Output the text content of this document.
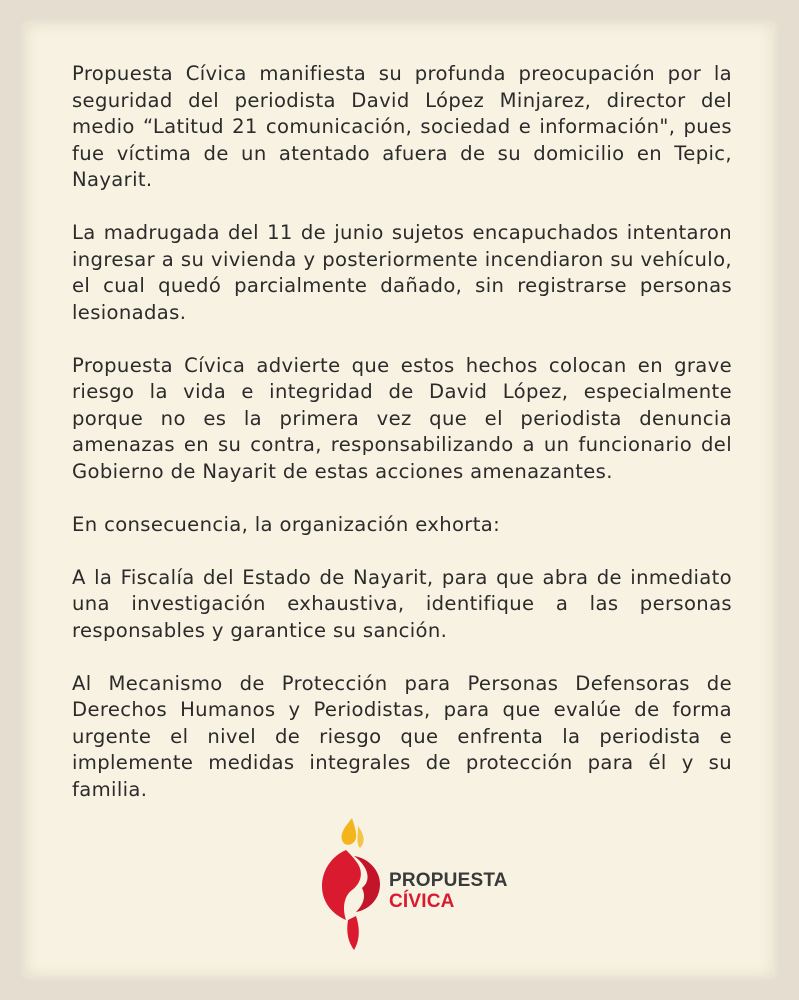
Propuesta Cívica manifiesta su profunda preocupación por la seguridad del periodista David López Minjarez, director del medio “Latitud 21 comunicación, sociedad e información", pues fue víctima de un atentado afuera de su domicilio en Tepic, Nayarit.

La madrugada del 11 de junio sujetos encapuchados intentaron ingresar a su vivienda y posteriormente incendiaron su vehículo, el cual quedó parcialmente dañado, sin registrarse personas lesionadas.

Propuesta Cívica advierte que estos hechos colocan en grave riesgo la vida e integridad de David López, especialmente porque no es la primera vez que el periodista denuncia amenazas en su contra, responsabilizando a un funcionario del Gobierno de Nayarit de estas acciones amenazantes.

En consecuencia, la organización exhorta:

A la Fiscalía del Estado de Nayarit, para que abra de inmediato una investigación exhaustiva, identifique a las personas responsables y garantice su sanción.

Al Mecanismo de Protección para Personas Defensoras de Derechos Humanos y Periodistas, para que evalúe de forma urgente el nivel de riesgo que enfrenta la periodista e implemente medidas integrales de protección para él y su familia.

PROPUESTA
CÍVICA
